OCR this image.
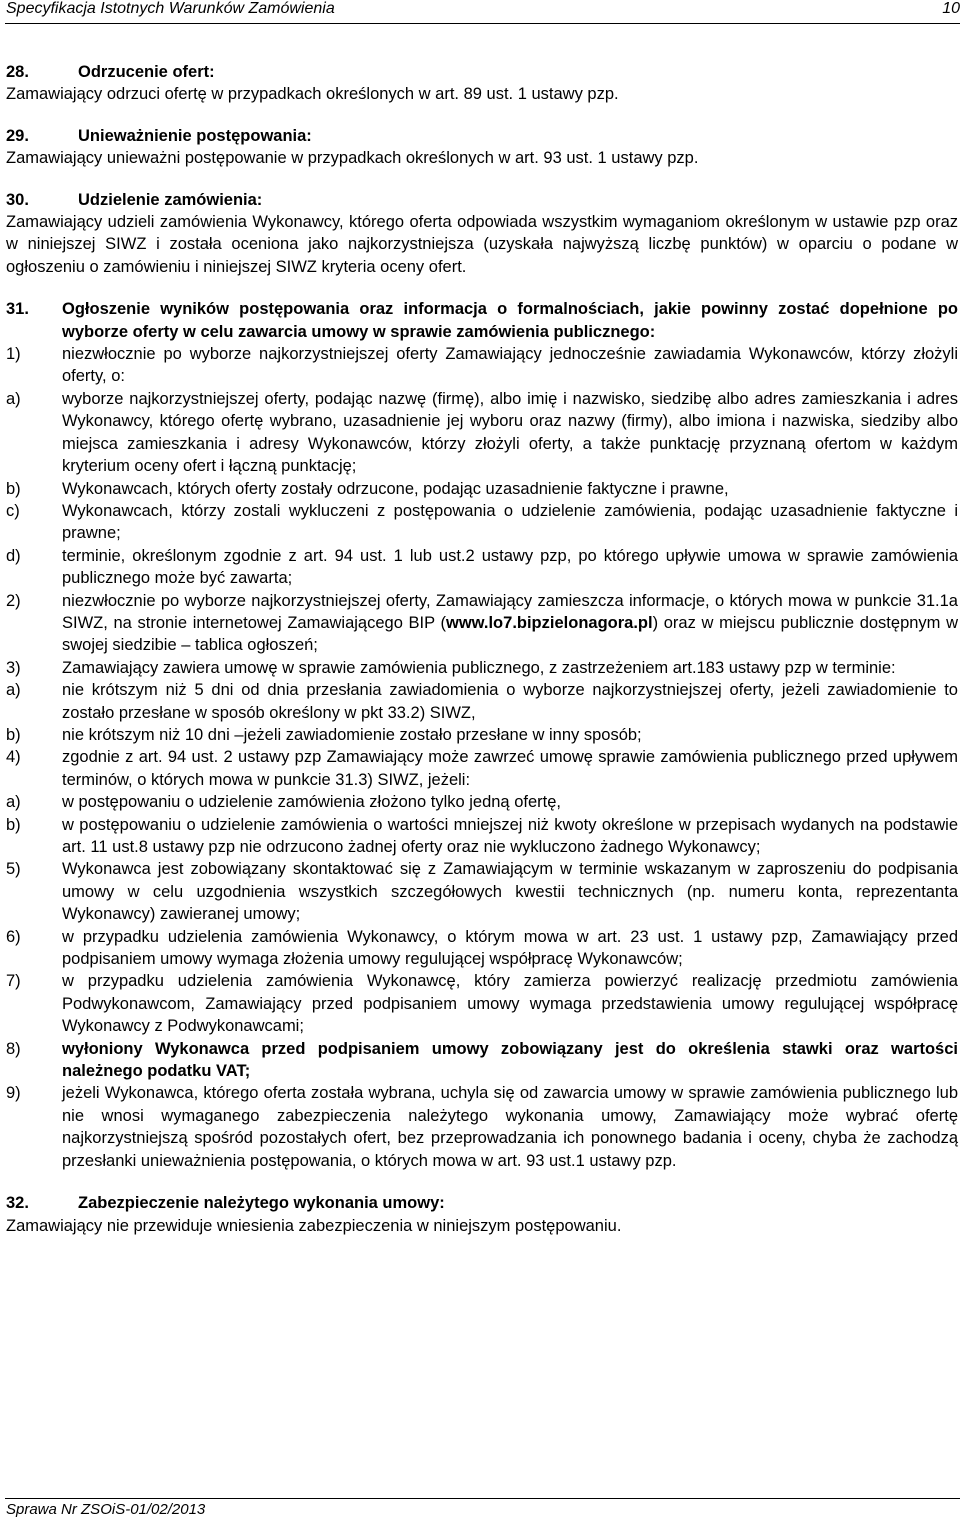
Specyfikacja Istotnych Warunków Zamówienia	10
28.	Odrzucenie ofert:
Zamawiający odrzuci ofertę w przypadkach określonych w art. 89 ust. 1 ustawy pzp.
29.	Unieważnienie postępowania:
Zamawiający unieważni postępowanie w przypadkach określonych w art. 93 ust. 1 ustawy pzp.
30.	Udzielenie zamówienia:
Zamawiający udzieli zamówienia Wykonawcy, którego oferta odpowiada wszystkim wymaganiom określonym w ustawie pzp oraz w niniejszej SIWZ i została oceniona jako najkorzystniejsza (uzyskała najwyższą liczbę punktów) w oparciu o podane w ogłoszeniu o zamówieniu i niniejszej SIWZ kryteria oceny ofert.
31.	Ogłoszenie wyników postępowania oraz informacja o formalnościach, jakie powinny zostać dopełnione po wyborze oferty w celu zawarcia umowy w sprawie zamówienia publicznego:
1)	niezwłocznie po wyborze najkorzystniejszej oferty Zamawiający jednocześnie zawiadamia Wykonawców, którzy złożyli oferty, o:
a)	wyborze najkorzystniejszej oferty, podając nazwę (firmę), albo imię i nazwisko, siedzibę albo adres zamieszkania i adres Wykonawcy, którego ofertę wybrano, uzasadnienie jej wyboru oraz nazwy (firmy), albo imiona i nazwiska, siedziby albo miejsca zamieszkania i adresy Wykonawców, którzy złożyli oferty, a także punktację przyznaną ofertom w każdym kryterium oceny ofert i łączną punktację;
b)	Wykonawcach, których oferty zostały odrzucone, podając uzasadnienie faktyczne i prawne,
c)	Wykonawcach, którzy zostali wykluczeni z postępowania o udzielenie zamówienia, podając uzasadnienie faktyczne i prawne;
d)	terminie, określonym zgodnie z art. 94 ust. 1 lub ust.2 ustawy pzp, po którego upływie umowa w sprawie zamówienia publicznego może być zawarta;
2)	niezwłocznie po wyborze najkorzystniejszej oferty, Zamawiający zamieszcza informacje, o których mowa w punkcie 31.1a SIWZ, na stronie internetowej Zamawiającego BIP (www.lo7.bipzielonagora.pl) oraz w miejscu publicznie dostępnym w swojej siedzibie – tablica ogłoszeń;
3)	Zamawiający zawiera umowę w sprawie zamówienia publicznego, z zastrzeżeniem art.183 ustawy pzp w terminie:
a)	nie krótszym niż 5 dni od dnia przesłania zawiadomienia o wyborze najkorzystniejszej oferty, jeżeli zawiadomienie to zostało przesłane w sposób określony w pkt 33.2) SIWZ,
b)	nie krótszym niż 10 dni –jeżeli zawiadomienie zostało przesłane w inny sposób;
4)	zgodnie z art. 94 ust. 2 ustawy pzp Zamawiający może zawrzeć umowę sprawie zamówienia publicznego przed upływem terminów, o których mowa w punkcie 31.3) SIWZ, jeżeli:
a)	w postępowaniu o udzielenie zamówienia złożono tylko jedną ofertę,
b)	w postępowaniu o udzielenie zamówienia o wartości mniejszej niż kwoty określone w przepisach wydanych na podstawie art. 11 ust.8 ustawy pzp nie odrzucono żadnej oferty oraz nie wykluczono żadnego Wykonawcy;
5)	Wykonawca jest zobowiązany skontaktować się z Zamawiającym w terminie wskazanym w zaproszeniu do podpisania umowy w celu uzgodnienia wszystkich szczegółowych kwestii technicznych (np. numeru konta, reprezentanta Wykonawcy) zawieranej umowy;
6)	w przypadku udzielenia zamówienia Wykonawcy, o którym mowa w art. 23 ust. 1 ustawy pzp, Zamawiający przed podpisaniem umowy wymaga złożenia umowy regulującej współpracę Wykonawców;
7)	w przypadku udzielenia zamówienia Wykonawcę, który zamierza powierzyć realizację przedmiotu zamówienia Podwykonawcom, Zamawiający przed podpisaniem umowy wymaga przedstawienia umowy regulującej współpracę Wykonawcy z Podwykonawcami;
8)	wyłoniony Wykonawca przed podpisaniem umowy zobowiązany jest do określenia stawki oraz wartości należnego podatku VAT;
9)	jeżeli Wykonawca, którego oferta została wybrana, uchyla się od zawarcia umowy w sprawie zamówienia publicznego lub nie wnosi wymaganego zabezpieczenia należytego wykonania umowy, Zamawiający może wybrać ofertę najkorzystniejszą spośród pozostałych ofert, bez przeprowadzania ich ponownego badania i oceny, chyba że zachodzą przesłanki unieważnienia postępowania, o których mowa w art. 93 ust.1 ustawy pzp.
32.	Zabezpieczenie należytego wykonania umowy:
Zamawiający nie przewiduje wniesienia zabezpieczenia w niniejszym postępowaniu.
Sprawa Nr ZSOiS-01/02/2013
